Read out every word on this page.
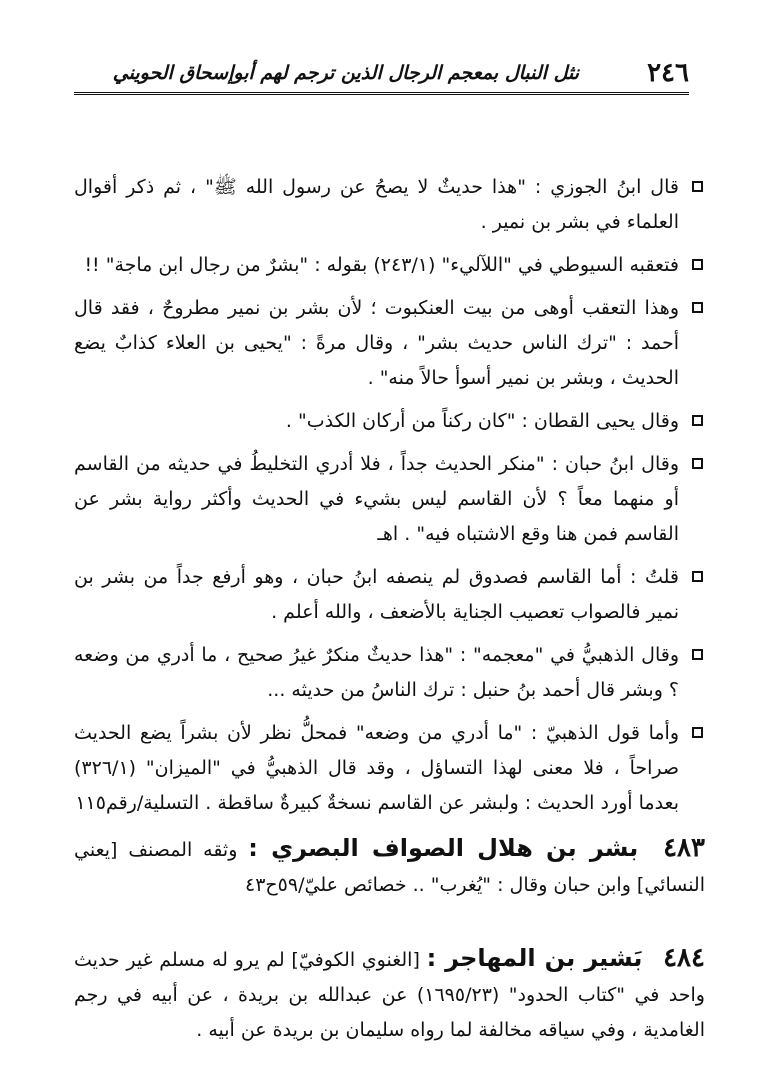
٢٤٦
نثل النبال بمعجم الرجال الذين ترجم لهم أبوإسحاق الحويني
قال ابنُ الجوزي : "هذا حديثٌ لا يصحُ عن رسول الله ﷺ" ، ثم ذكر أقوال العلماء في بشر بن نمير .
فتعقبه السيوطي في "اللآليء" (٢٤٣/١) بقوله : "بشرٌ من رجال ابن ماجة" !!
وهذا التعقب أوهى من بيت العنكبوت ؛ لأن بشر بن نمير مطروحٌ ، فقد قال أحمد : "ترك الناس حديث بشر" ، وقال مرةً : "يحيى بن العلاء كذابٌ يضع الحديث ، وبشر بن نمير أسوأ حالاً منه" .
وقال يحيى القطان : "كان ركناً من أركان الكذب" .
وقال ابنُ حبان : "منكر الحديث جداً ، فلا أدري التخليطُ في حديثه من القاسم أو منهما معاً ؟ لأن القاسم ليس بشيء في الحديث وأكثر رواية بشر عن القاسم فمن هنا وقع الاشتباه فيه" . اهـ
قلتُ : أما القاسم فصدوق لم ينصفه ابنُ حبان ، وهو أرفع جداً من بشر بن نمير فالصواب تعصيب الجناية بالأضعف ، والله أعلم .
وقال الذهبيُّ في "معجمه" : "هذا حديثٌ منكرٌ غيرُ صحيح ، ما أدري من وضعه ؟ وبشر قال أحمد بنُ حنبل : ترك الناسُ من حديثه ...
وأما قول الذهبيّ : "ما أدري من وضعه" فمحلُّ نظر لأن بشراً يضع الحديث صراحاً ، فلا معنى لهذا التساؤل ، وقد قال الذهبيُّ في "الميزان" (٣٢٦/١) بعدما أورد الحديث : ولبشر عن القاسم نسخةٌ كبيرةٌ ساقطة . التسلية/رقم١١٥
٤٨٣ بشر بن هلال الصواف البصري : وثقه المصنف [يعني النسائي] وابن حبان وقال : "يُغرب" .. خصائص عليّ/٥٩ح٤٣
٤٨٤ بَشير بن المهاجر : [الغنوي الكوفيّ] لم يرو له مسلم غير حديث واحد في "كتاب الحدود" (١٦٩٥/٢٣) عن عبدالله بن بريدة ، عن أبيه في رجم الغامدية ، وفي سياقه مخالفة لما رواه سليمان بن بريدة عن أبيه .
